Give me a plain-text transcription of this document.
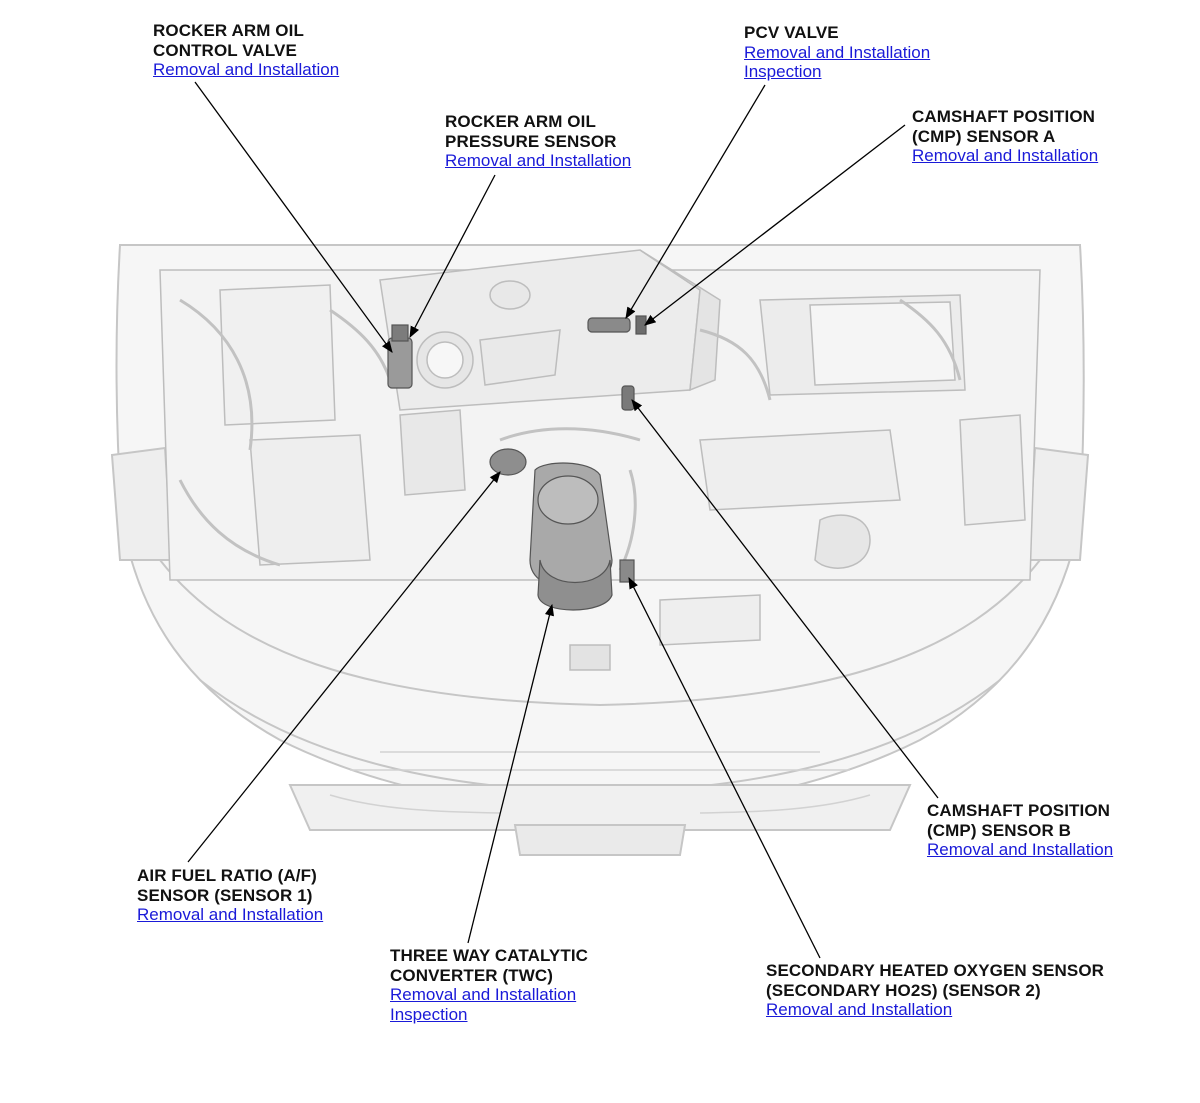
ROCKER ARM OIL
CONTROL VALVE
Removal and Installation
ROCKER ARM OIL
PRESSURE SENSOR
Removal and Installation
PCV VALVE
Removal and Installation
Inspection
CAMSHAFT POSITION
(CMP) SENSOR A
Removal and Installation
CAMSHAFT POSITION
(CMP) SENSOR B
Removal and Installation
AIR FUEL RATIO (A/F)
SENSOR (SENSOR 1)
Removal and Installation
THREE WAY CATALYTIC
CONVERTER (TWC)
Removal and Installation
Inspection
SECONDARY HEATED OXYGEN SENSOR
(SECONDARY HO2S) (SENSOR 2)
Removal and Installation
